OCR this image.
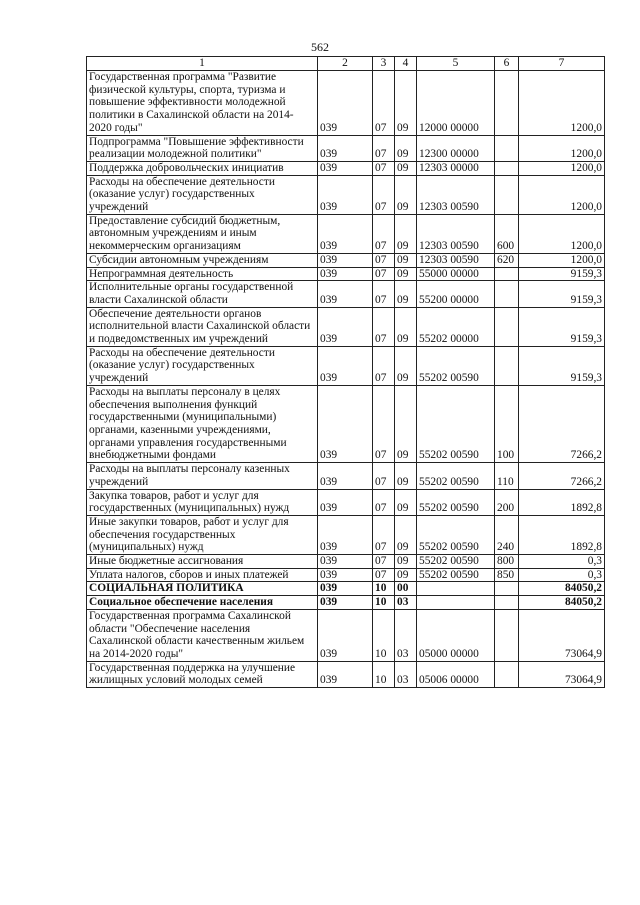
562
1	2	3	4	5	6	7
Государственная программа "Развитие физической культуры, спорта, туризма и повышение эффективности молодежной политики в Сахалинской области на 2014-2020 годы"	039	07	09	12000 00000		1200,0
Подпрограмма "Повышение эффективности реализации молодежной политики"	039	07	09	12300 00000		1200,0
Поддержка добровольческих инициатив	039	07	09	12303 00000		1200,0
Расходы на обеспечение деятельности (оказание услуг) государственных учреждений	039	07	09	12303 00590		1200,0
Предоставление субсидий бюджетным, автономным учреждениям и иным некоммерческим организациям	039	07	09	12303 00590	600	1200,0
Субсидии автономным учреждениям	039	07	09	12303 00590	620	1200,0
Непрограммная деятельность	039	07	09	55000 00000		9159,3
Исполнительные органы государственной власти Сахалинской области	039	07	09	55200 00000		9159,3
Обеспечение деятельности органов исполнительной власти Сахалинской области и подведомственных им учреждений	039	07	09	55202 00000		9159,3
Расходы на обеспечение деятельности (оказание услуг) государственных учреждений	039	07	09	55202 00590		9159,3
Расходы на выплаты персоналу в целях обеспечения выполнения функций государственными (муниципальными) органами, казенными учреждениями, органами управления государственными внебюджетными фондами	039	07	09	55202 00590	100	7266,2
Расходы на выплаты персоналу казенных учреждений	039	07	09	55202 00590	110	7266,2
Закупка товаров, работ и услуг для государственных (муниципальных) нужд	039	07	09	55202 00590	200	1892,8
Иные закупки товаров, работ и услуг для обеспечения государственных (муниципальных) нужд	039	07	09	55202 00590	240	1892,8
Иные бюджетные ассигнования	039	07	09	55202 00590	800	0,3
Уплата налогов, сборов и иных платежей	039	07	09	55202 00590	850	0,3
СОЦИАЛЬНАЯ ПОЛИТИКА	039	10	00			84050,2
Социальное обеспечение населения	039	10	03			84050,2
Государственная программа Сахалинской области "Обеспечение населения Сахалинской области качественным жильем на 2014-2020 годы"	039	10	03	05000 00000		73064,9
Государственная поддержка на улучшение жилищных условий молодых семей	039	10	03	05006 00000		73064,9
